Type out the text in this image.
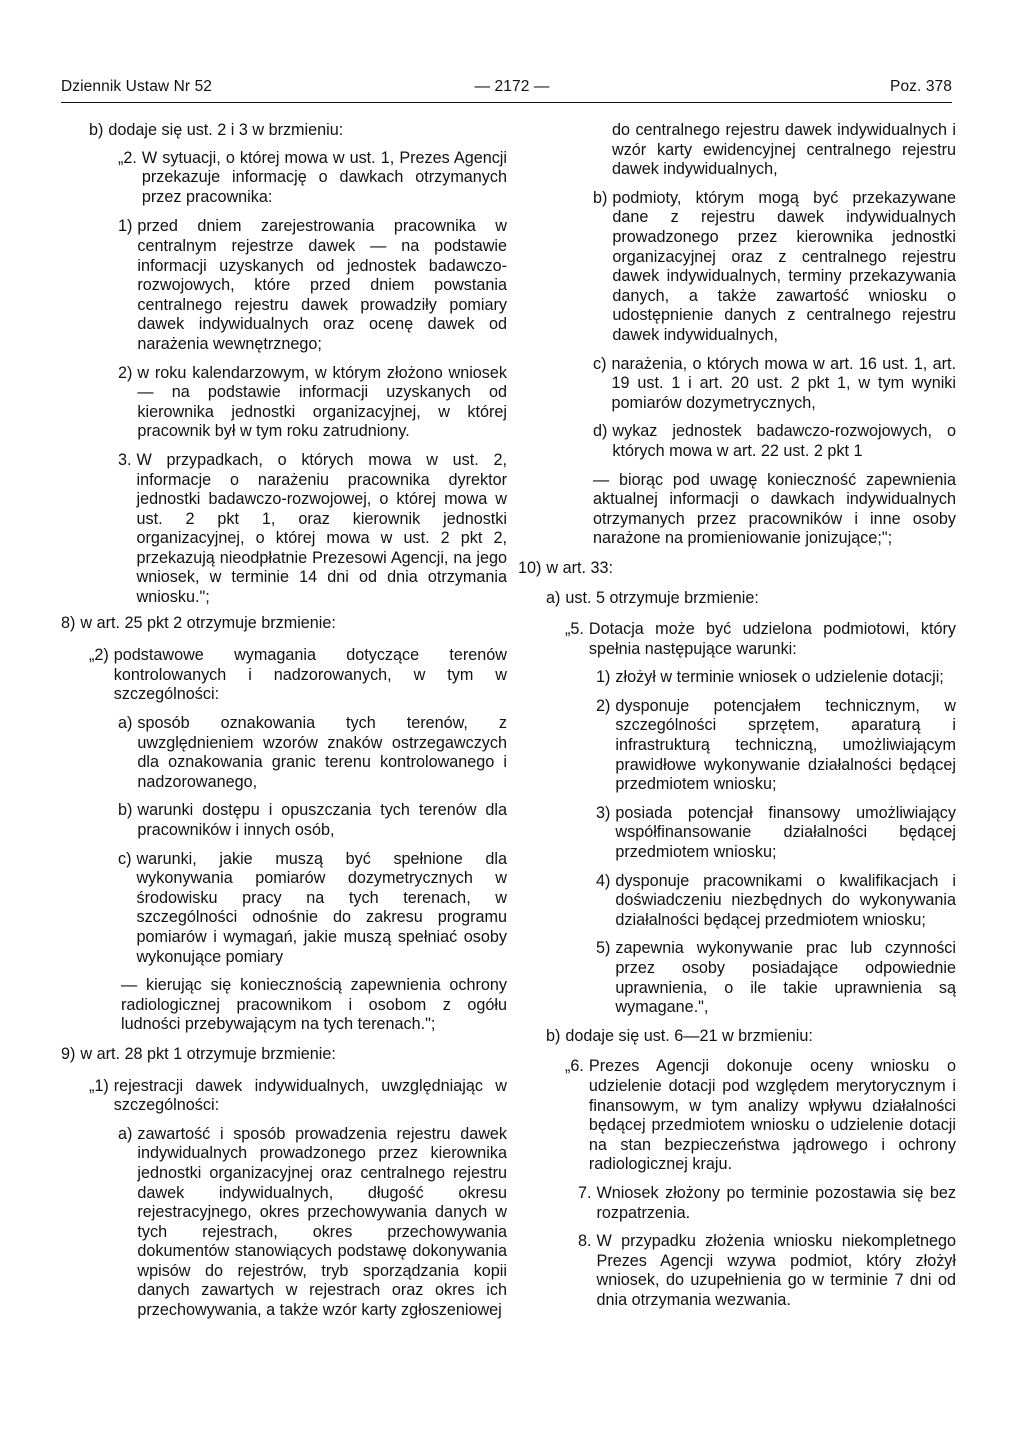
Dziennik Ustaw Nr 52	— 2172 —	Poz. 378
b) dodaje się ust. 2 i 3 w brzmieniu:
„2. W sytuacji, o której mowa w ust. 1, Prezes Agencji przekazuje informację o dawkach otrzymanych przez pracownika:
1) przed dniem zarejestrowania pracownika w centralnym rejestrze dawek — na podstawie informacji uzyskanych od jednostek badawczo-rozwojowych, które przed dniem powstania centralnego rejestru dawek prowadziły pomiary dawek indywidualnych oraz ocenę dawek od narażenia wewnętrznego;
2) w roku kalendarzowym, w którym złożono wniosek — na podstawie informacji uzyskanych od kierownika jednostki organizacyjnej, w której pracownik był w tym roku zatrudniony.
3. W przypadkach, o których mowa w ust. 2, informacje o narażeniu pracownika dyrektor jednostki badawczo-rozwojowej, o której mowa w ust. 2 pkt 1, oraz kierownik jednostki organizacyjnej, o której mowa w ust. 2 pkt 2, przekazują nieodpłatnie Prezesowi Agencji, na jego wniosek, w terminie 14 dni od dnia otrzymania wniosku.";
8) w art. 25 pkt 2 otrzymuje brzmienie:
„2) podstawowe wymagania dotyczące terenów kontrolowanych i nadzorowanych, w tym w szczególności:
a) sposób oznakowania tych terenów, z uwzględnieniem wzorów znaków ostrzegawczych dla oznakowania granic terenu kontrolowanego i nadzorowanego,
b) warunki dostępu i opuszczania tych terenów dla pracowników i innych osób,
c) warunki, jakie muszą być spełnione dla wykonywania pomiarów dozymetrycznych w środowisku pracy na tych terenach, w szczególności odnośnie do zakresu programu pomiarów i wymagań, jakie muszą spełniać osoby wykonujące pomiary
— kierując się koniecznością zapewnienia ochrony radiologicznej pracownikom i osobom z ogółu ludności przebywającym na tych terenach.";
9) w art. 28 pkt 1 otrzymuje brzmienie:
„1) rejestracji dawek indywidualnych, uwzględniając w szczególności:
a) zawartość i sposób prowadzenia rejestru dawek indywidualnych prowadzonego przez kierownika jednostki organizacyjnej oraz centralnego rejestru dawek indywidualnych, długość okresu rejestracyjnego, okres przechowywania danych w tych rejestrach, okres przechowywania dokumentów stanowiących podstawę dokonywania wpisów do rejestrów, tryb sporządzania kopii danych zawartych w rejestrach oraz okres ich przechowywania, a także wzór karty zgłoszeniowej
do centralnego rejestru dawek indywidualnych i wzór karty ewidencyjnej centralnego rejestru dawek indywidualnych,
b) podmioty, którym mogą być przekazywane dane z rejestru dawek indywidualnych prowadzonego przez kierownika jednostki organizacyjnej oraz z centralnego rejestru dawek indywidualnych, terminy przekazywania danych, a także zawartość wniosku o udostępnienie danych z centralnego rejestru dawek indywidualnych,
c) narażenia, o których mowa w art. 16 ust. 1, art. 19 ust. 1 i art. 20 ust. 2 pkt 1, w tym wyniki pomiarów dozymetrycznych,
d) wykaz jednostek badawczo-rozwojowych, o których mowa w art. 22 ust. 2 pkt 1
— biorąc pod uwagę konieczność zapewnienia aktualnej informacji o dawkach indywidualnych otrzymanych przez pracowników i inne osoby narażone na promieniowanie jonizujące;";
10) w art. 33:
a) ust. 5 otrzymuje brzmienie:
„5. Dotacja może być udzielona podmiotowi, który spełnia następujące warunki:
1) złożył w terminie wniosek o udzielenie dotacji;
2) dysponuje potencjałem technicznym, w szczególności sprzętem, aparaturą i infrastrukturą techniczną, umożliwiającym prawidłowe wykonywanie działalności będącej przedmiotem wniosku;
3) posiada potencjał finansowy umożliwiający współfinansowanie działalności będącej przedmiotem wniosku;
4) dysponuje pracownikami o kwalifikacjach i doświadczeniu niezbędnych do wykonywania działalności będącej przedmiotem wniosku;
5) zapewnia wykonywanie prac lub czynności przez osoby posiadające odpowiednie uprawnienia, o ile takie uprawnienia są wymagane.",
b) dodaje się ust. 6—21 w brzmieniu:
„6. Prezes Agencji dokonuje oceny wniosku o udzielenie dotacji pod względem merytorycznym i finansowym, w tym analizy wpływu działalności będącej przedmiotem wniosku o udzielenie dotacji na stan bezpieczeństwa jądrowego i ochrony radiologicznej kraju.
7. Wniosek złożony po terminie pozostawia się bez rozpatrzenia.
8. W przypadku złożenia wniosku niekompletnego Prezes Agencji wzywa podmiot, który złożył wniosek, do uzupełnienia go w terminie 7 dni od dnia otrzymania wezwania.
